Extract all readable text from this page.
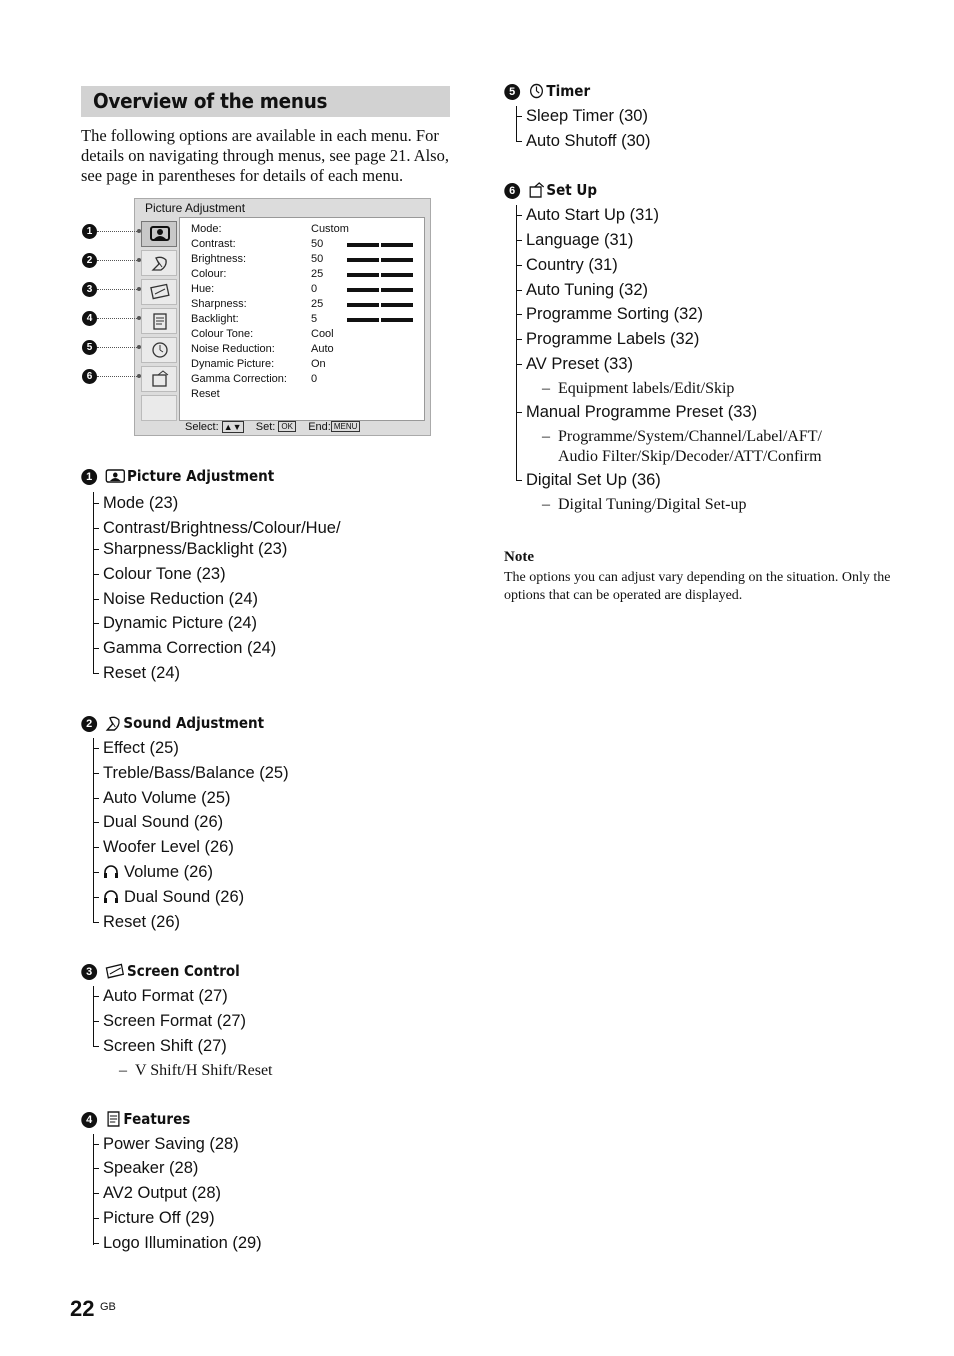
Overview of the menus
The following options are available in each menu. For details on navigating through menus, see page 21. Also, see page in parentheses for details of each menu.
Picture Adjustment
Mode:	Custom
Contrast:	50
Brightness:	50
Colour:	25
Hue:	0
Sharpness:	25
Backlight:	5
Colour Tone:	Cool
Noise Reduction:	Auto
Dynamic Picture:	On
Gamma Correction: 0
Reset
Select: ▲▼ Set: OK End: MENU
1
2
3
4
5
6
1 Picture Adjustment
Mode (23)
Contrast/Brightness/Colour/Hue/
Sharpness/Backlight (23)
Colour Tone (23)
Noise Reduction (24)
Dynamic Picture (24)
Gamma Correction (24)
Reset (24)
2 Sound Adjustment
Effect (25)
Treble/Bass/Balance (25)
Auto Volume (25)
Dual Sound (26)
Woofer Level (26)
Volume (26)
Dual Sound (26)
Reset (26)
3 Screen Control
Auto Format (27)
Screen Format (27)
Screen Shift (27)
– V Shift/H Shift/Reset
4 Features
Power Saving (28)
Speaker (28)
AV2 Output (28)
Picture Off (29)
Logo Illumination (29)
5 Timer
Sleep Timer (30)
Auto Shutoff (30)
6 Set Up
Auto Start Up (31)
Language (31)
Country (31)
Auto Tuning (32)
Programme Sorting (32)
Programme Labels (32)
AV Preset (33)
Manual Programme Preset (33)
Digital Set Up (36)
– Equipment labels/Edit/Skip
– Programme/System/Channel/Label/AFT/
Audio Filter/Skip/Decoder/ATT/Confirm
– Digital Tuning/Digital Set-up
Note
The options you can adjust vary depending on the situation. Only the options that can be operated are displayed.
22 GB
